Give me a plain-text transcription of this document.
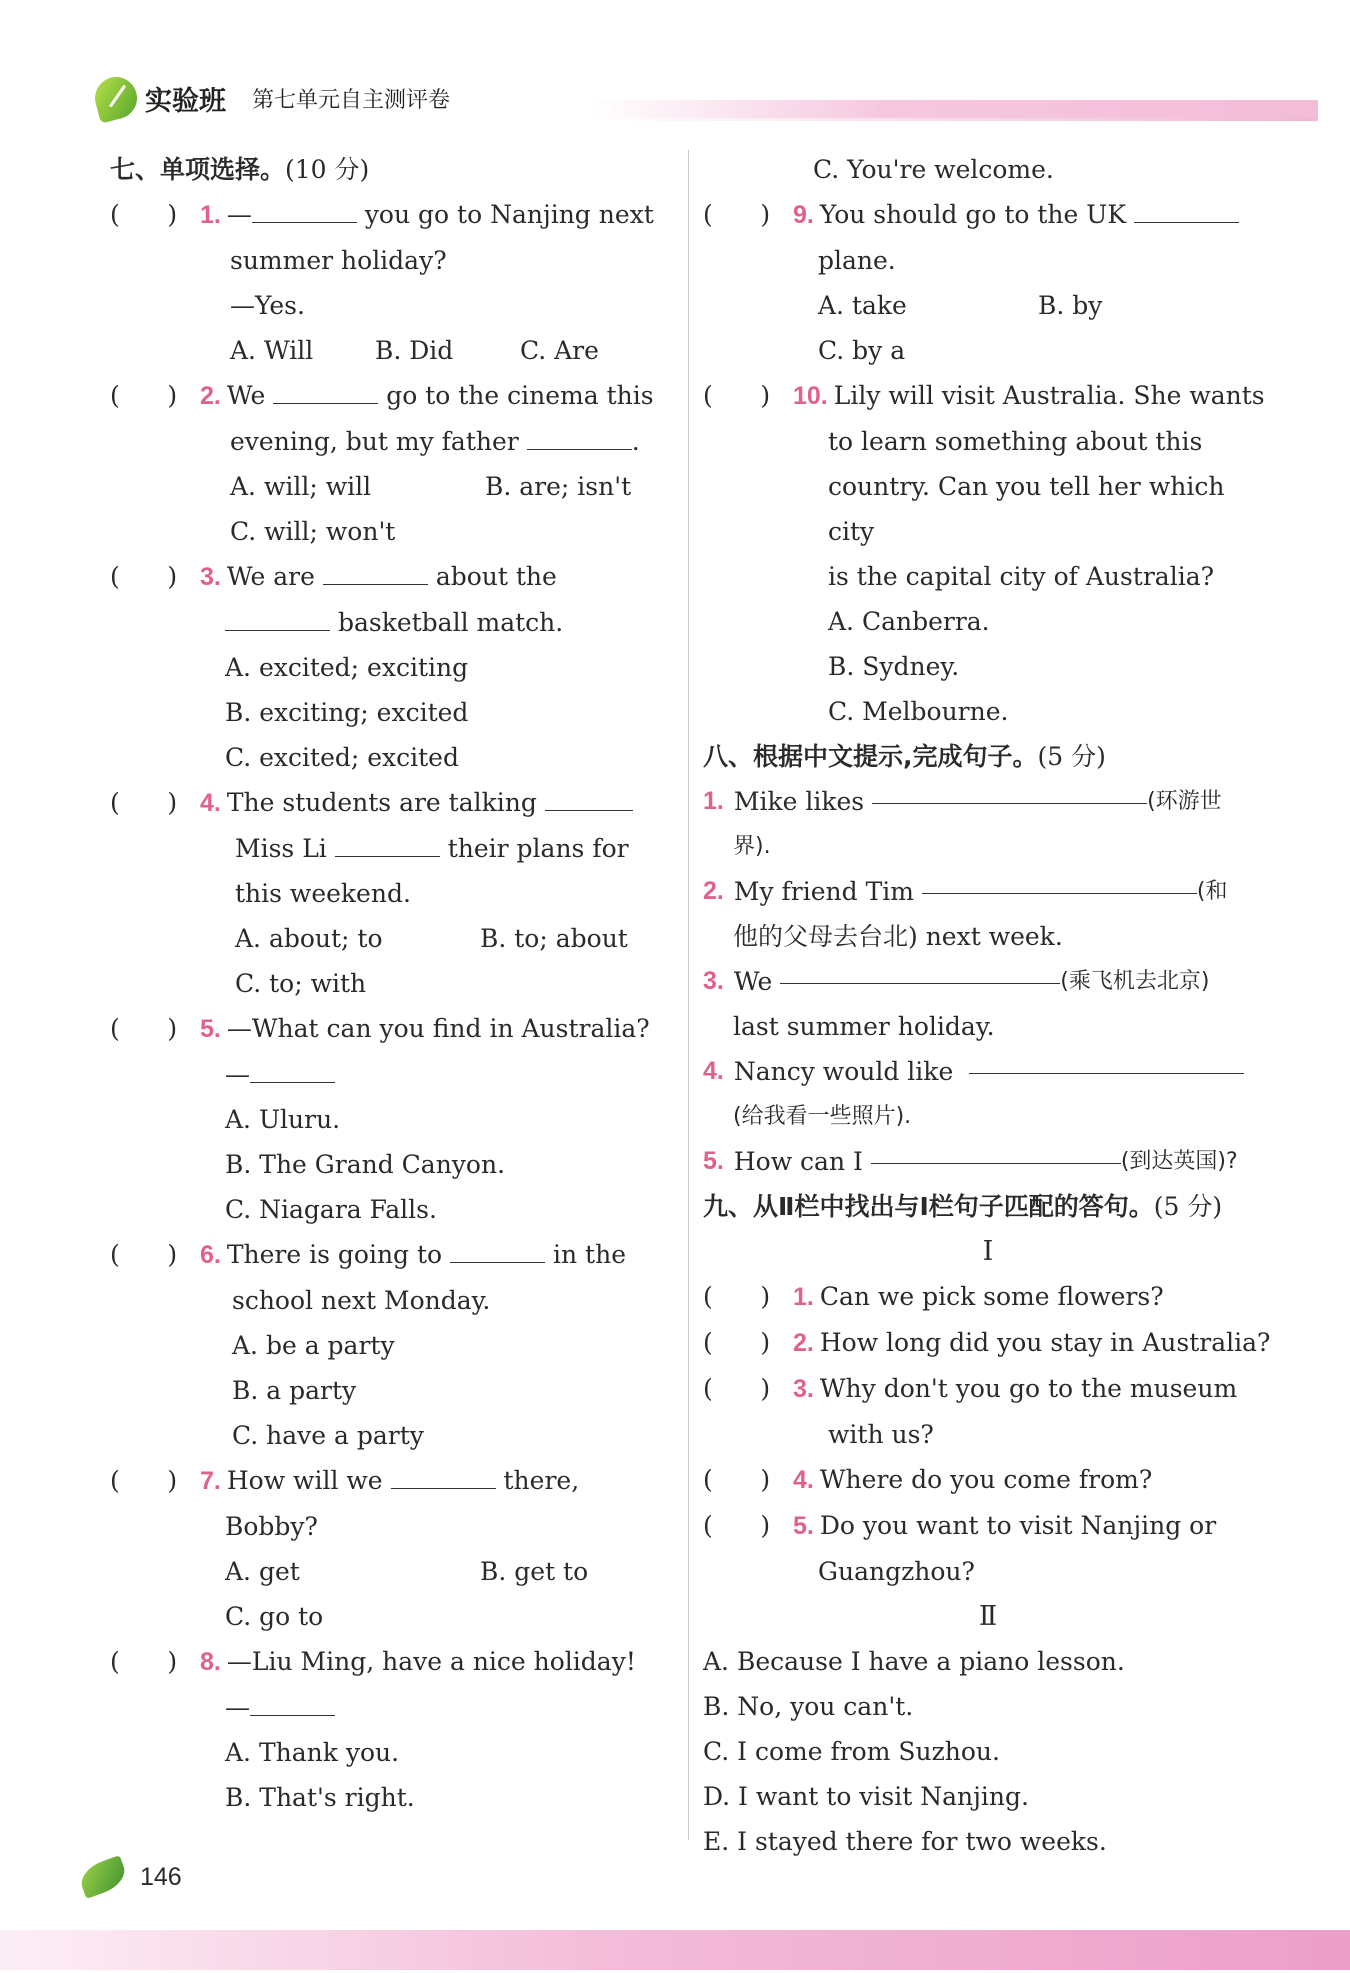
实验班 第七单元自主测评卷
七、单项选择。(10 分)
(      ) 1. —	you go to Nanjing next
summer holiday?
—Yes.
A. Will	B. Did	C. Are
(      ) 2. We	go to the cinema this
evening, but my father	.
A. will; will	B. are; isn't
C. will; won't
(      ) 3. We are	about the
basketball match.
A. excited; exciting
B. exciting; excited
C. excited; excited
(      ) 4. The students are talking
Miss Li	their plans for
this weekend.
A. about; to	B. to; about
C. to; with
(      ) 5. —What can you find in Australia?
—
A. Uluru.
B. The Grand Canyon.
C. Niagara Falls.
(      ) 6. There is going to	in the
school next Monday.
A. be a party
B. a party
C. have a party
(      ) 7. How will we	there,
Bobby?
A. get	B. get to
C. go to
(      ) 8. —Liu Ming, have a nice holiday!
—
A. Thank you.
B. That's right.
C. You're welcome.
(      ) 9. You should go to the UK
plane.
A. take	B. by
C. by a
(      ) 10. Lily will visit Australia. She wants
to learn something about this
country. Can you tell her which city
is the capital city of Australia?
A. Canberra.
B. Sydney.
C. Melbourne.
八、根据中文提示,完成句子。(5 分)
1. Mike likes
	(环游世
界).
2. My friend Tim
	(和
他的父母去台北) next week.
3. We
	(乘飞机去北京)
last summer holiday.
4. Nancy would like

(给我看一些照片).
5. How can I
	(到达英国)?
九、从Ⅱ栏中找出与Ⅰ栏句子匹配的答句。(5 分)
Ⅰ
(      ) 1. Can we pick some flowers?
(      ) 2. How long did you stay in Australia?
(      ) 3. Why don't you go to the museum
with us?
(      ) 4. Where do you come from?
(      ) 5. Do you want to visit Nanjing or
Guangzhou?
Ⅱ
A. Because I have a piano lesson.
B. No, you can't.
C. I come from Suzhou.
D. I want to visit Nanjing.
E. I stayed there for two weeks.
146
